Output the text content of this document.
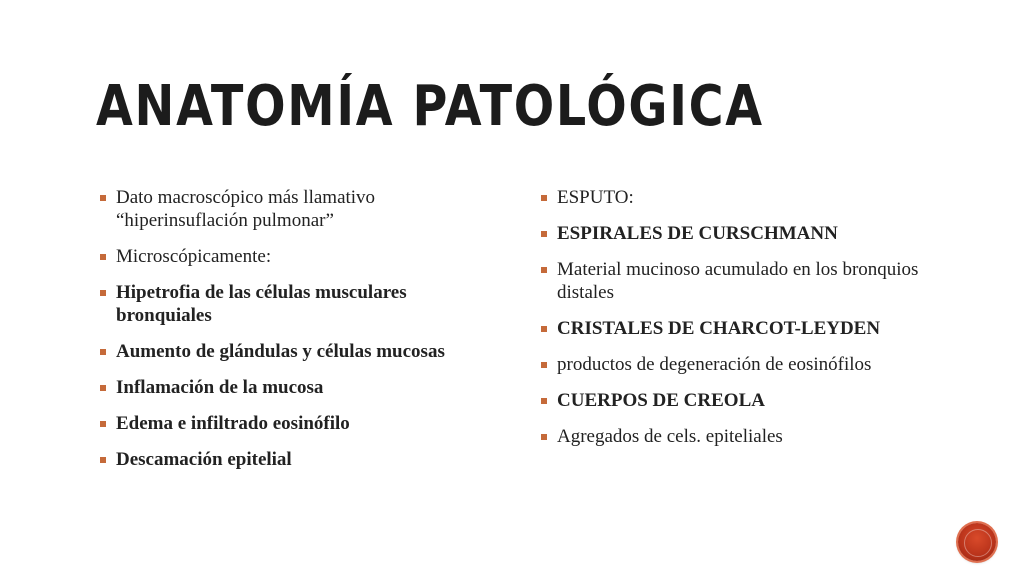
ANATOMÍA PATOLÓGICA
Dato macroscópico más llamativo “hiperinsuflación pulmonar”
Microscópicamente:
Hipetrofia de las células musculares bronquiales
Aumento de glándulas y células mucosas
Inflamación de la mucosa
Edema e infiltrado eosinófilo
Descamación epitelial
ESPUTO:
ESPIRALES DE CURSCHMANN
Material mucinoso acumulado en los bronquios distales
CRISTALES DE CHARCOT-LEYDEN
productos de degeneración de eosinófilos
CUERPOS DE CREOLA
Agregados de cels. epiteliales
